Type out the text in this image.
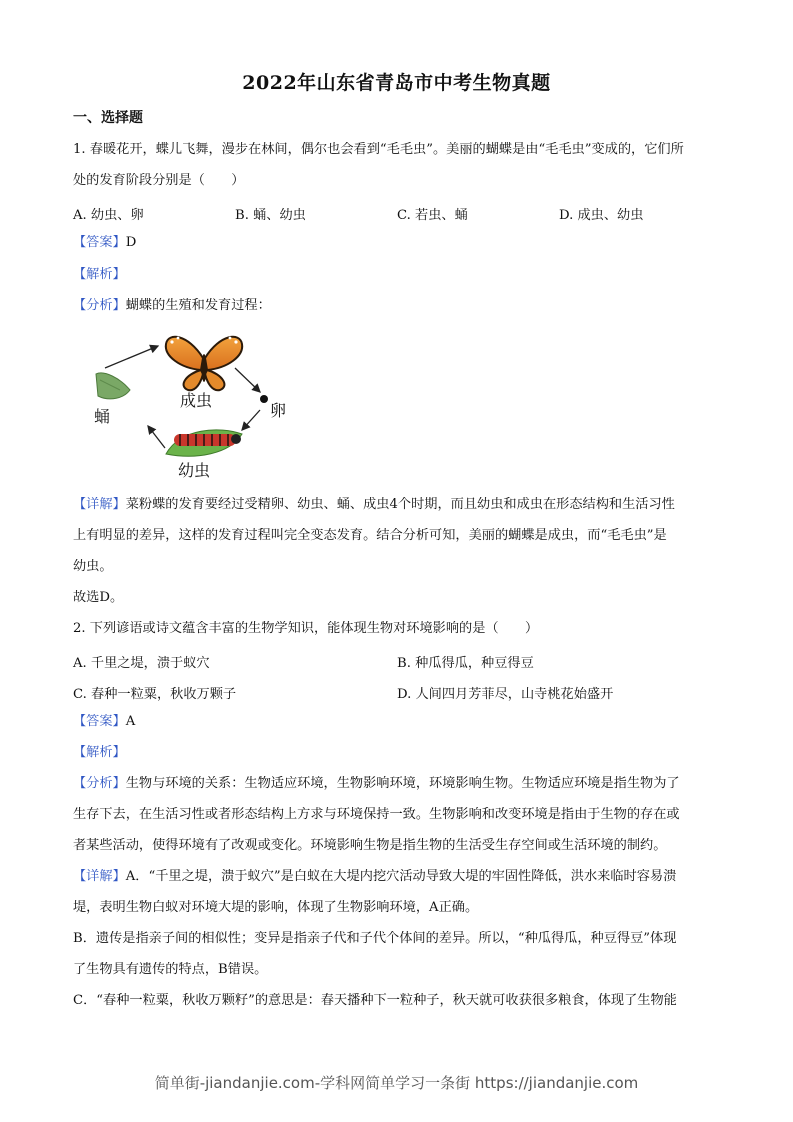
2022年山东省青岛市中考生物真题
一、选择题
1. 春暖花开，蝶儿飞舞，漫步在林间，偶尔也会看到“毛毛虫”。美丽的蝴蝶是由“毛毛虫”变成的，它们所
处的发育阶段分别是（　　）
A. 幼虫、卵	B. 蛹、幼虫	C. 若虫、蛹	D. 成虫、幼虫
【答案】D
【解析】
【分析】蝴蝶的生殖和发育过程：
成虫
卵
蛹
幼虫
【详解】菜粉蝶的发育要经过受精卵、幼虫、蛹、成虫4个时期，而且幼虫和成虫在形态结构和生活习性
上有明显的差异，这样的发育过程叫完全变态发育。结合分析可知，美丽的蝴蝶是成虫，而“毛毛虫”是
幼虫。
故选D。
2. 下列谚语或诗文蕴含丰富的生物学知识，能体现生物对环境影响的是（　　）
A. 千里之堤，溃于蚁穴	B. 种瓜得瓜，种豆得豆
C. 春种一粒粟，秋收万颗子	D. 人间四月芳菲尽，山寺桃花始盛开
【答案】A
【解析】
【分析】生物与环境的关系：生物适应环境，生物影响环境，环境影响生物。生物适应环境是指生物为了
生存下去，在生活习性或者形态结构上方求与环境保持一致。生物影响和改变环境是指由于生物的存在或
者某些活动，使得环境有了改观或变化。环境影响生物是指生物的生活受生存空间或生活环境的制约。
【详解】A．“千里之堤，溃于蚁穴”是白蚁在大堤内挖穴活动导致大堤的牢固性降低，洪水来临时容易溃
堤，表明生物白蚁对环境大堤的影响，体现了生物影响环境，A正确。
B．遗传是指亲子间的相似性；变异是指亲子代和子代个体间的差异。所以，“种瓜得瓜，种豆得豆”体现
了生物具有遗传的特点，B错误。
C．“春种一粒粟，秋收万颗籽”的意思是：春天播种下一粒种子，秋天就可收获很多粮食，体现了生物能
简单街-jiandanjie.com-学科网简单学习一条街 https://jiandanjie.com
